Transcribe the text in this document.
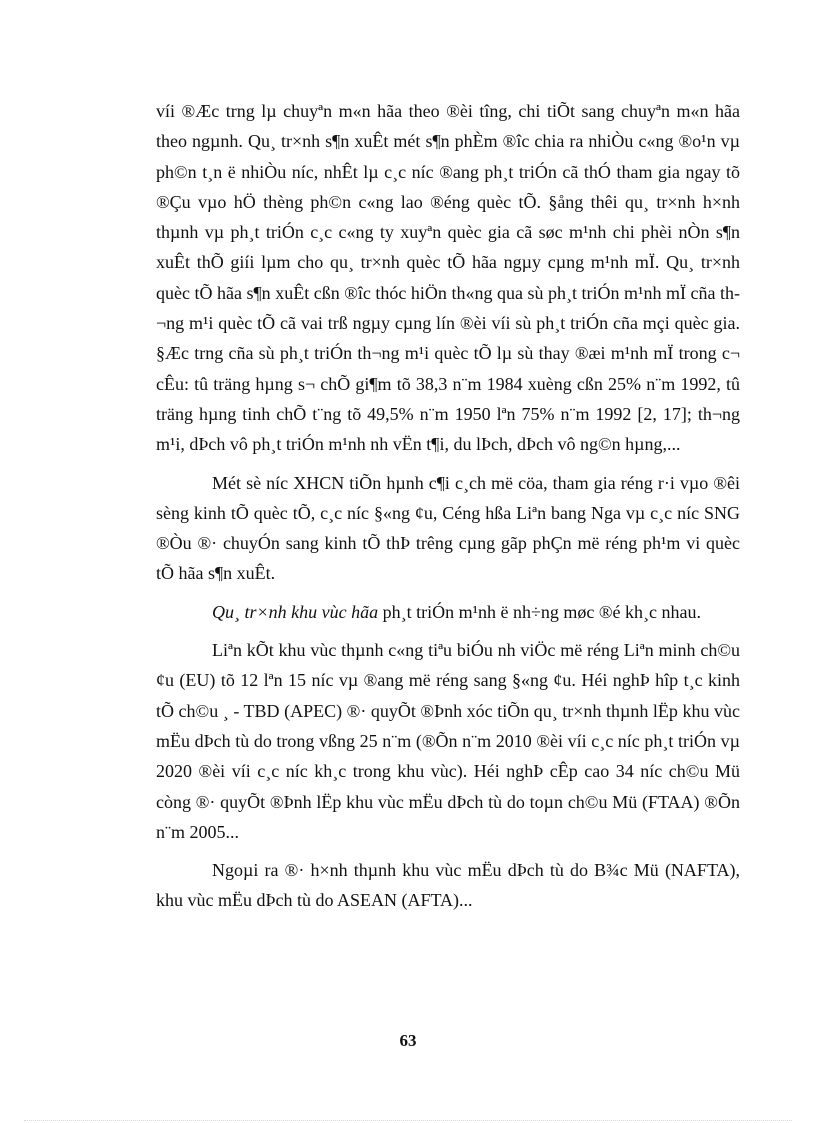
víi ®Æc trng lµ chuyªn m«n hãa theo ®èi tîng, chi tiÕt sang chuyªn m«n hãa theo ngµnh. Qu¸ tr×nh s¶n xuÊt mét s¶n phÈm ®îc chia ra nhiÒu c«ng ®o¹n vµ ph©n t¸n ë nhiÒu níc, nhÊt lµ c¸c níc ®ang ph¸t triÓn cã thÓ tham gia ngay tõ ®Çu vµo hÖ thèng ph©n c«ng lao ®éng quèc tÕ. §ång thêi qu¸ tr×nh h×nh thµnh vµ ph¸t triÓn c¸c c«ng ty xuyªn quèc gia cã søc m¹nh chi phèi nÒn s¶n xuÊt thÕ giíi lµm cho qu¸ tr×nh quèc tÕ hãa ngµy cµng m¹nh mÏ. Qu¸ tr×nh quèc tÕ hãa s¶n xuÊt cßn ®îc thóc hiÖn th«ng qua sù ph¸t triÓn m¹nh mÏ cña th¬ng m¹i quèc tÕ cã vai trß ngµy cµng lín ®èi víi sù ph¸t triÓn cña mçi quèc gia. §Æc trng cña sù ph¸t triÓn th¬ng m¹i quèc tÕ lµ sù thay ®æi m¹nh mÏ trong c¬ cÊu: tû träng hµng s¬ chÕ gi¶m tõ 38,3 n¨m 1984 xuèng cßn 25% n¨m 1992, tû träng hµng tinh chÕ t¨ng tõ 49,5% n¨m 1950 lªn 75% n¨m 1992 [2, 17]; th¬ng m¹i, dÞch vô ph¸t triÓn m¹nh nh vËn t¶i, du lÞch, dÞch vô ng©n hµng,...

Mét sè níc XHCN tiÕn hµnh c¶i c¸ch më cöa, tham gia réng r·i vµo ®êi sèng kinh tÕ quèc tÕ, c¸c níc §«ng ¢u, Céng hßa Liªn bang Nga vµ c¸c níc SNG ®Òu ®· chuyÓn sang kinh tÕ thÞ trêng cµng gãp phÇn më réng ph¹m vi quèc tÕ hãa s¶n xuÊt.

Qu¸ tr×nh khu vùc hãa ph¸t triÓn m¹nh ë nh÷ng møc ®é kh¸c nhau.

Liªn kÕt khu vùc thµnh c«ng tiªu biÓu nh viÖc më réng Liªn minh ch©u ¢u (EU) tõ 12 lªn 15 níc vµ ®ang më réng sang §«ng ¢u. Héi nghÞ hîp t¸c kinh tÕ ch©u ¸ - TBD (APEC) ®· quyÕt ®Þnh xóc tiÕn qu¸ tr×nh thµnh lËp khu vùc mËu dÞch tù do trong vßng 25 n¨m (®Õn n¨m 2010 ®èi víi c¸c níc ph¸t triÓn vµ 2020 ®èi víi c¸c níc kh¸c trong khu vùc). Héi nghÞ cÊp cao 34 níc ch©u Mü còng ®· quyÕt ®Þnh lËp khu vùc mËu dÞch tù do toµn ch©u Mü (FTAA) ®Õn n¨m 2005...

Ngoµi ra ®· h×nh thµnh khu vùc mËu dÞch tù do B¾c Mü (NAFTA), khu vùc mËu dÞch tù do ASEAN (AFTA)...

63
